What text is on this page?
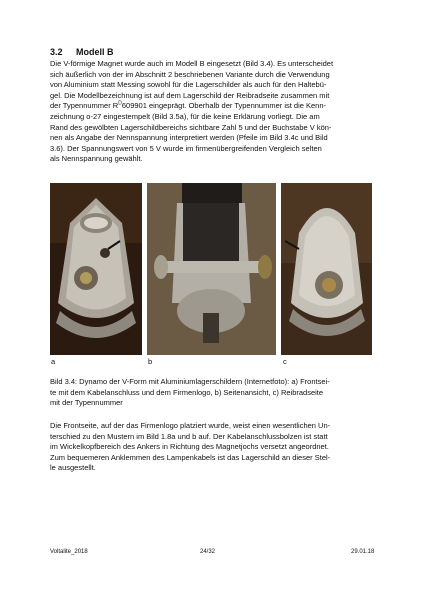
3.2 Modell B
Die V-förmige Magnet wurde auch im Modell B eingesetzt (Bild 3.4). Es unterscheidet
sich äußerlich von der im Abschnitt 2 beschriebenen Variante durch die Verwendung
von Aluminium statt Messing sowohl für die Lagerschilder als auch für den Haltebü-
gel. Die Modellbezeichnung ist auf dem Lagerschild der Reibradseite zusammen mit
der Typennummer $R^D609901$ eingeprägt. Oberhalb der Typennummer ist die Kenn-
zeichnung o-27 eingestempelt (Bild 3.5a), für die keine Erklärung vorliegt. Die am
Rand des gewölbten Lagerschildbereichs sichtbare Zahl 5 und der Buchstabe V kön-
nen als Angabe der Nennspannung interpretiert werden (Pfeile im Bild 3.4c und Bild
3.6). Der Spannungswert von 5 V wurde im firmenübergreifenden Vergleich selten
als Nennspannung gewählt.
a	b	c
Bild 3.4: Dynamo der V-Form mit Aluminiumlagerschildern (Internetfoto): a) Frontsei-
te mit dem Kabelanschluss und dem Firmenlogo, b) Seitenansicht, c) Reibradseite
mit der Typennummer
Die Frontseite, auf der das Firmenlogo platziert wurde, weist einen wesentlichen Un-
terschied zu den Mustern im Bild 1.8a und b auf. Der Kabelanschlussbolzen ist statt
im Wickelkopfbereich des Ankers in Richtung des Magnetjochs versetzt angeordnet.
Zum bequemeren Anklemmen des Lampenkabels ist das Lagerschild an dieser Stel-
le ausgestellt.
Voltalite_2018	24/32	29.01.18
